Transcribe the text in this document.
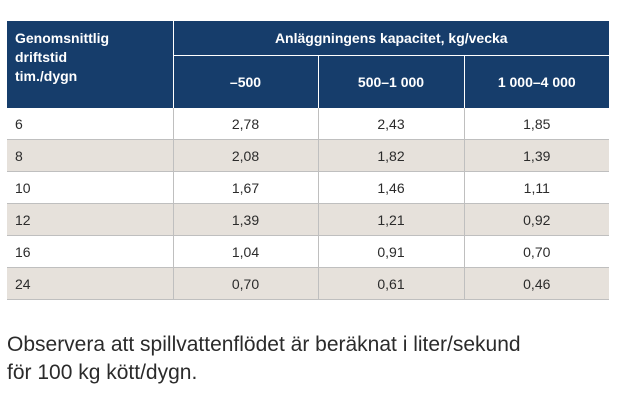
Genomsnittlig
driftstid
tim./dygn	Anläggningens kapacitet, kg/vecka		
	–500	500–1 000	1 000–4 000
6	2,78	2,43	1,85
8	2,08	1,82	1,39
10	1,67	1,46	1,11
12	1,39	1,21	0,92
16	1,04	0,91	0,70
24	0,70	0,61	0,46

Observera att spillvattenflödet är beräknat i liter/sekund
för 100 kg kött/dygn.
